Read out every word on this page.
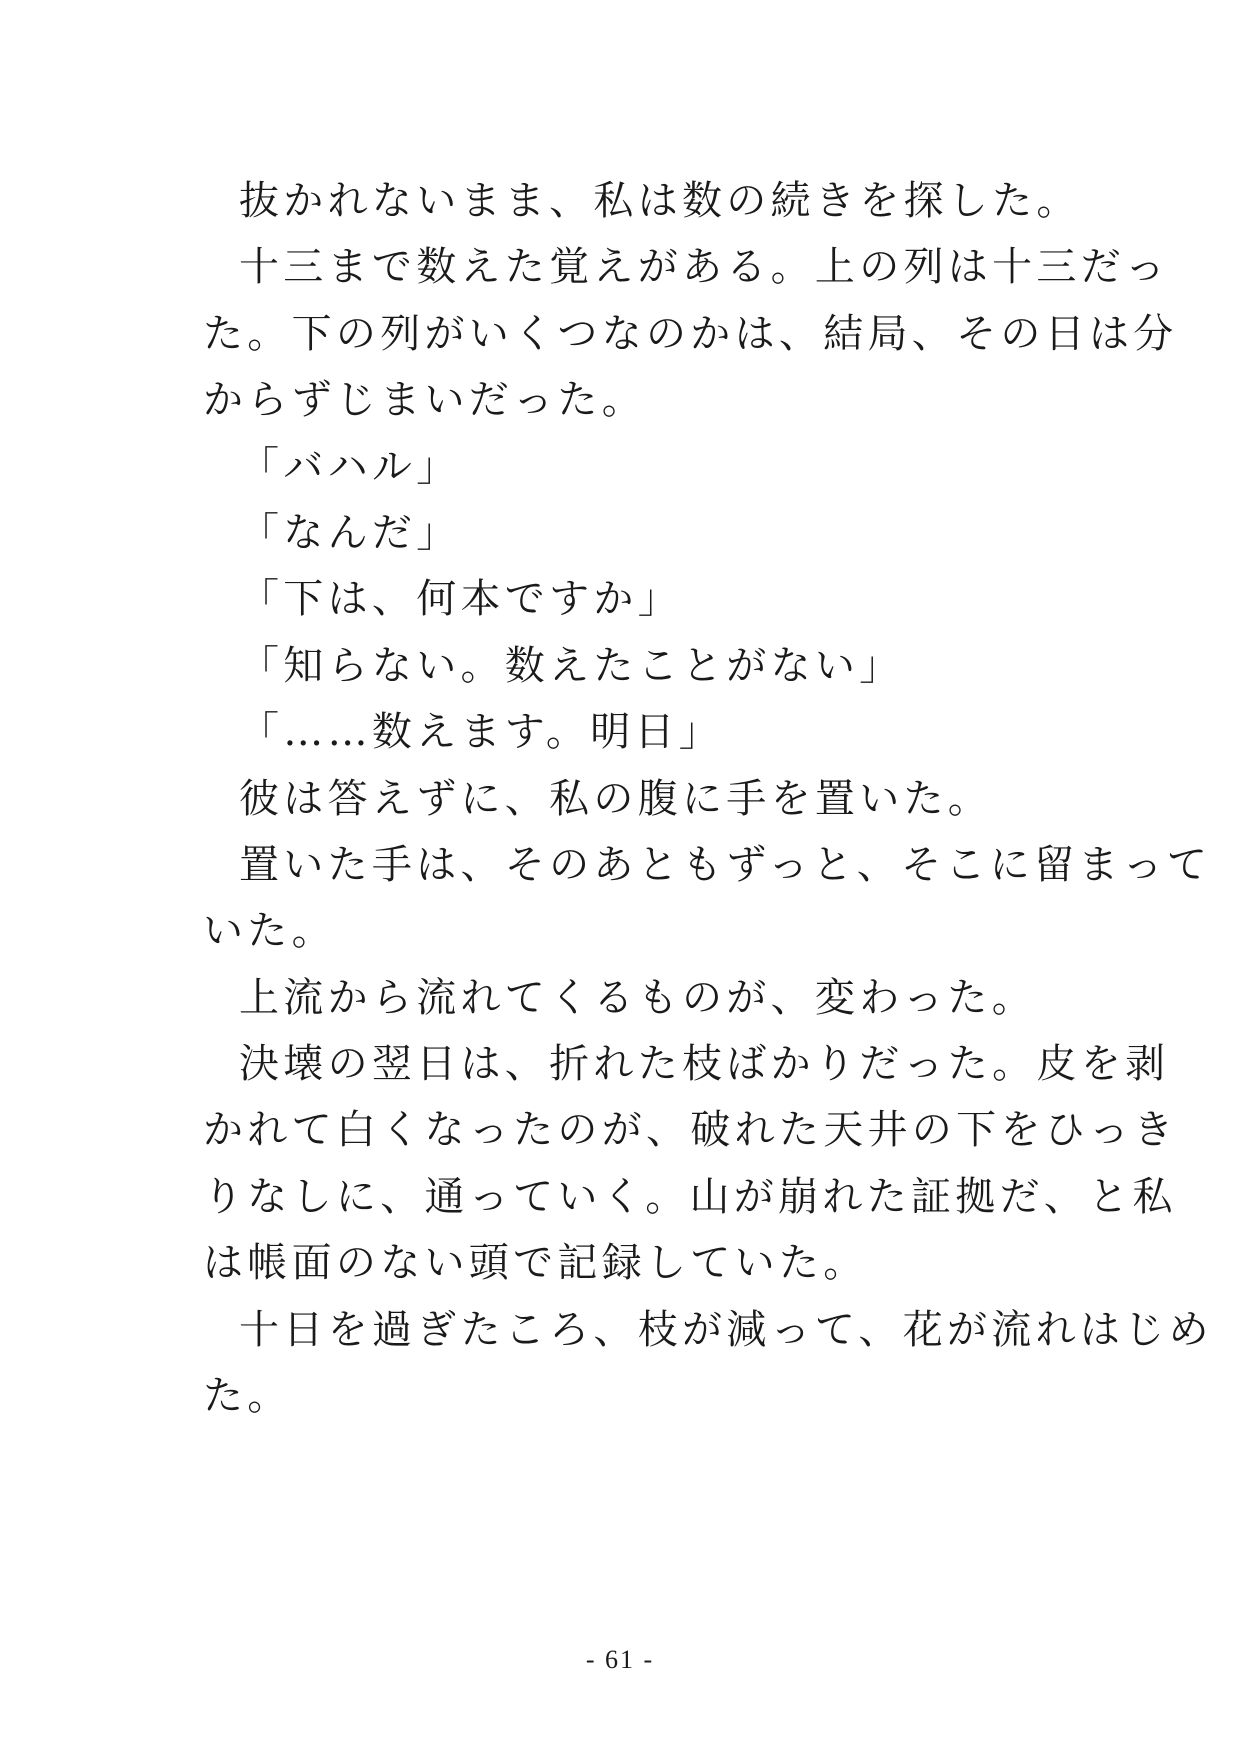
抜かれないまま、私は数の続きを探した。
十三まで数えた覚えがある。上の列は十三だっ
た。下の列がいくつなのかは、結局、その日は分
からずじまいだった。
「バハル」
「なんだ」
「下は、何本ですか」
「知らない。数えたことがない」
「……数えます。明日」
彼は答えずに、私の腹に手を置いた。
置いた手は、そのあともずっと、そこに留まって
いた。
上流から流れてくるものが、変わった。
決壊の翌日は、折れた枝ばかりだった。皮を剥
かれて白くなったのが、破れた天井の下をひっき
りなしに、通っていく。山が崩れた証拠だ、と私
は帳面のない頭で記録していた。
十日を過ぎたころ、枝が減って、花が流れはじめ
た。
- 61 -
